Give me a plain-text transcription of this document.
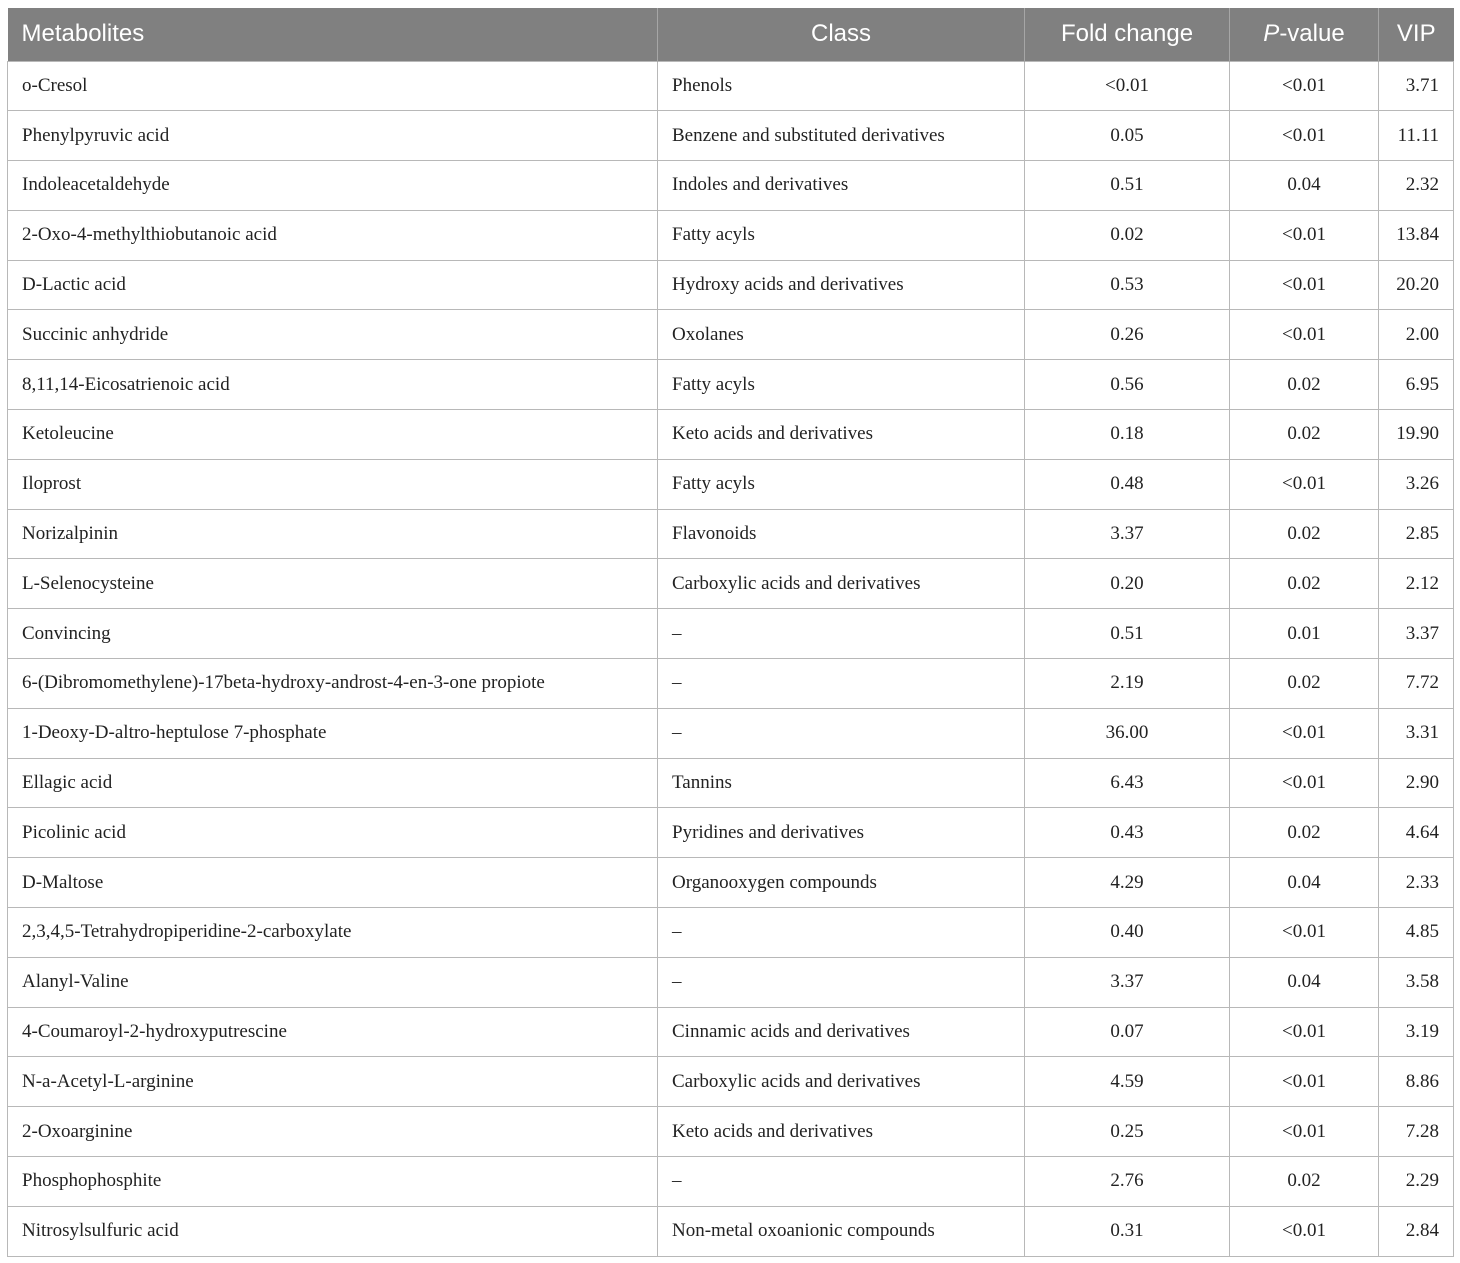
Metabolites	Class	Fold change	P-value	VIP
o-Cresol	Phenols	<0.01	<0.01	3.71
Phenylpyruvic acid	Benzene and substituted derivatives	0.05	<0.01	11.11
Indoleacetaldehyde	Indoles and derivatives	0.51	0.04	2.32
2-Oxo-4-methylthiobutanoic acid	Fatty acyls	0.02	<0.01	13.84
D-Lactic acid	Hydroxy acids and derivatives	0.53	<0.01	20.20
Succinic anhydride	Oxolanes	0.26	<0.01	2.00
8,11,14-Eicosatrienoic acid	Fatty acyls	0.56	0.02	6.95
Ketoleucine	Keto acids and derivatives	0.18	0.02	19.90
Iloprost	Fatty acyls	0.48	<0.01	3.26
Norizalpinin	Flavonoids	3.37	0.02	2.85
L-Selenocysteine	Carboxylic acids and derivatives	0.20	0.02	2.12
Convincing	–	0.51	0.01	3.37
6-(Dibromomethylene)-17beta-hydroxy-androst-4-en-3-one propiote	–	2.19	0.02	7.72
1-Deoxy-D-altro-heptulose 7-phosphate	–	36.00	<0.01	3.31
Ellagic acid	Tannins	6.43	<0.01	2.90
Picolinic acid	Pyridines and derivatives	0.43	0.02	4.64
D-Maltose	Organooxygen compounds	4.29	0.04	2.33
2,3,4,5-Tetrahydropiperidine-2-carboxylate	–	0.40	<0.01	4.85
Alanyl-Valine	–	3.37	0.04	3.58
4-Coumaroyl-2-hydroxyputrescine	Cinnamic acids and derivatives	0.07	<0.01	3.19
N-a-Acetyl-L-arginine	Carboxylic acids and derivatives	4.59	<0.01	8.86
2-Oxoarginine	Keto acids and derivatives	0.25	<0.01	7.28
Phosphophosphite	–	2.76	0.02	2.29
Nitrosylsulfuric acid	Non-metal oxoanionic compounds	0.31	<0.01	2.84
